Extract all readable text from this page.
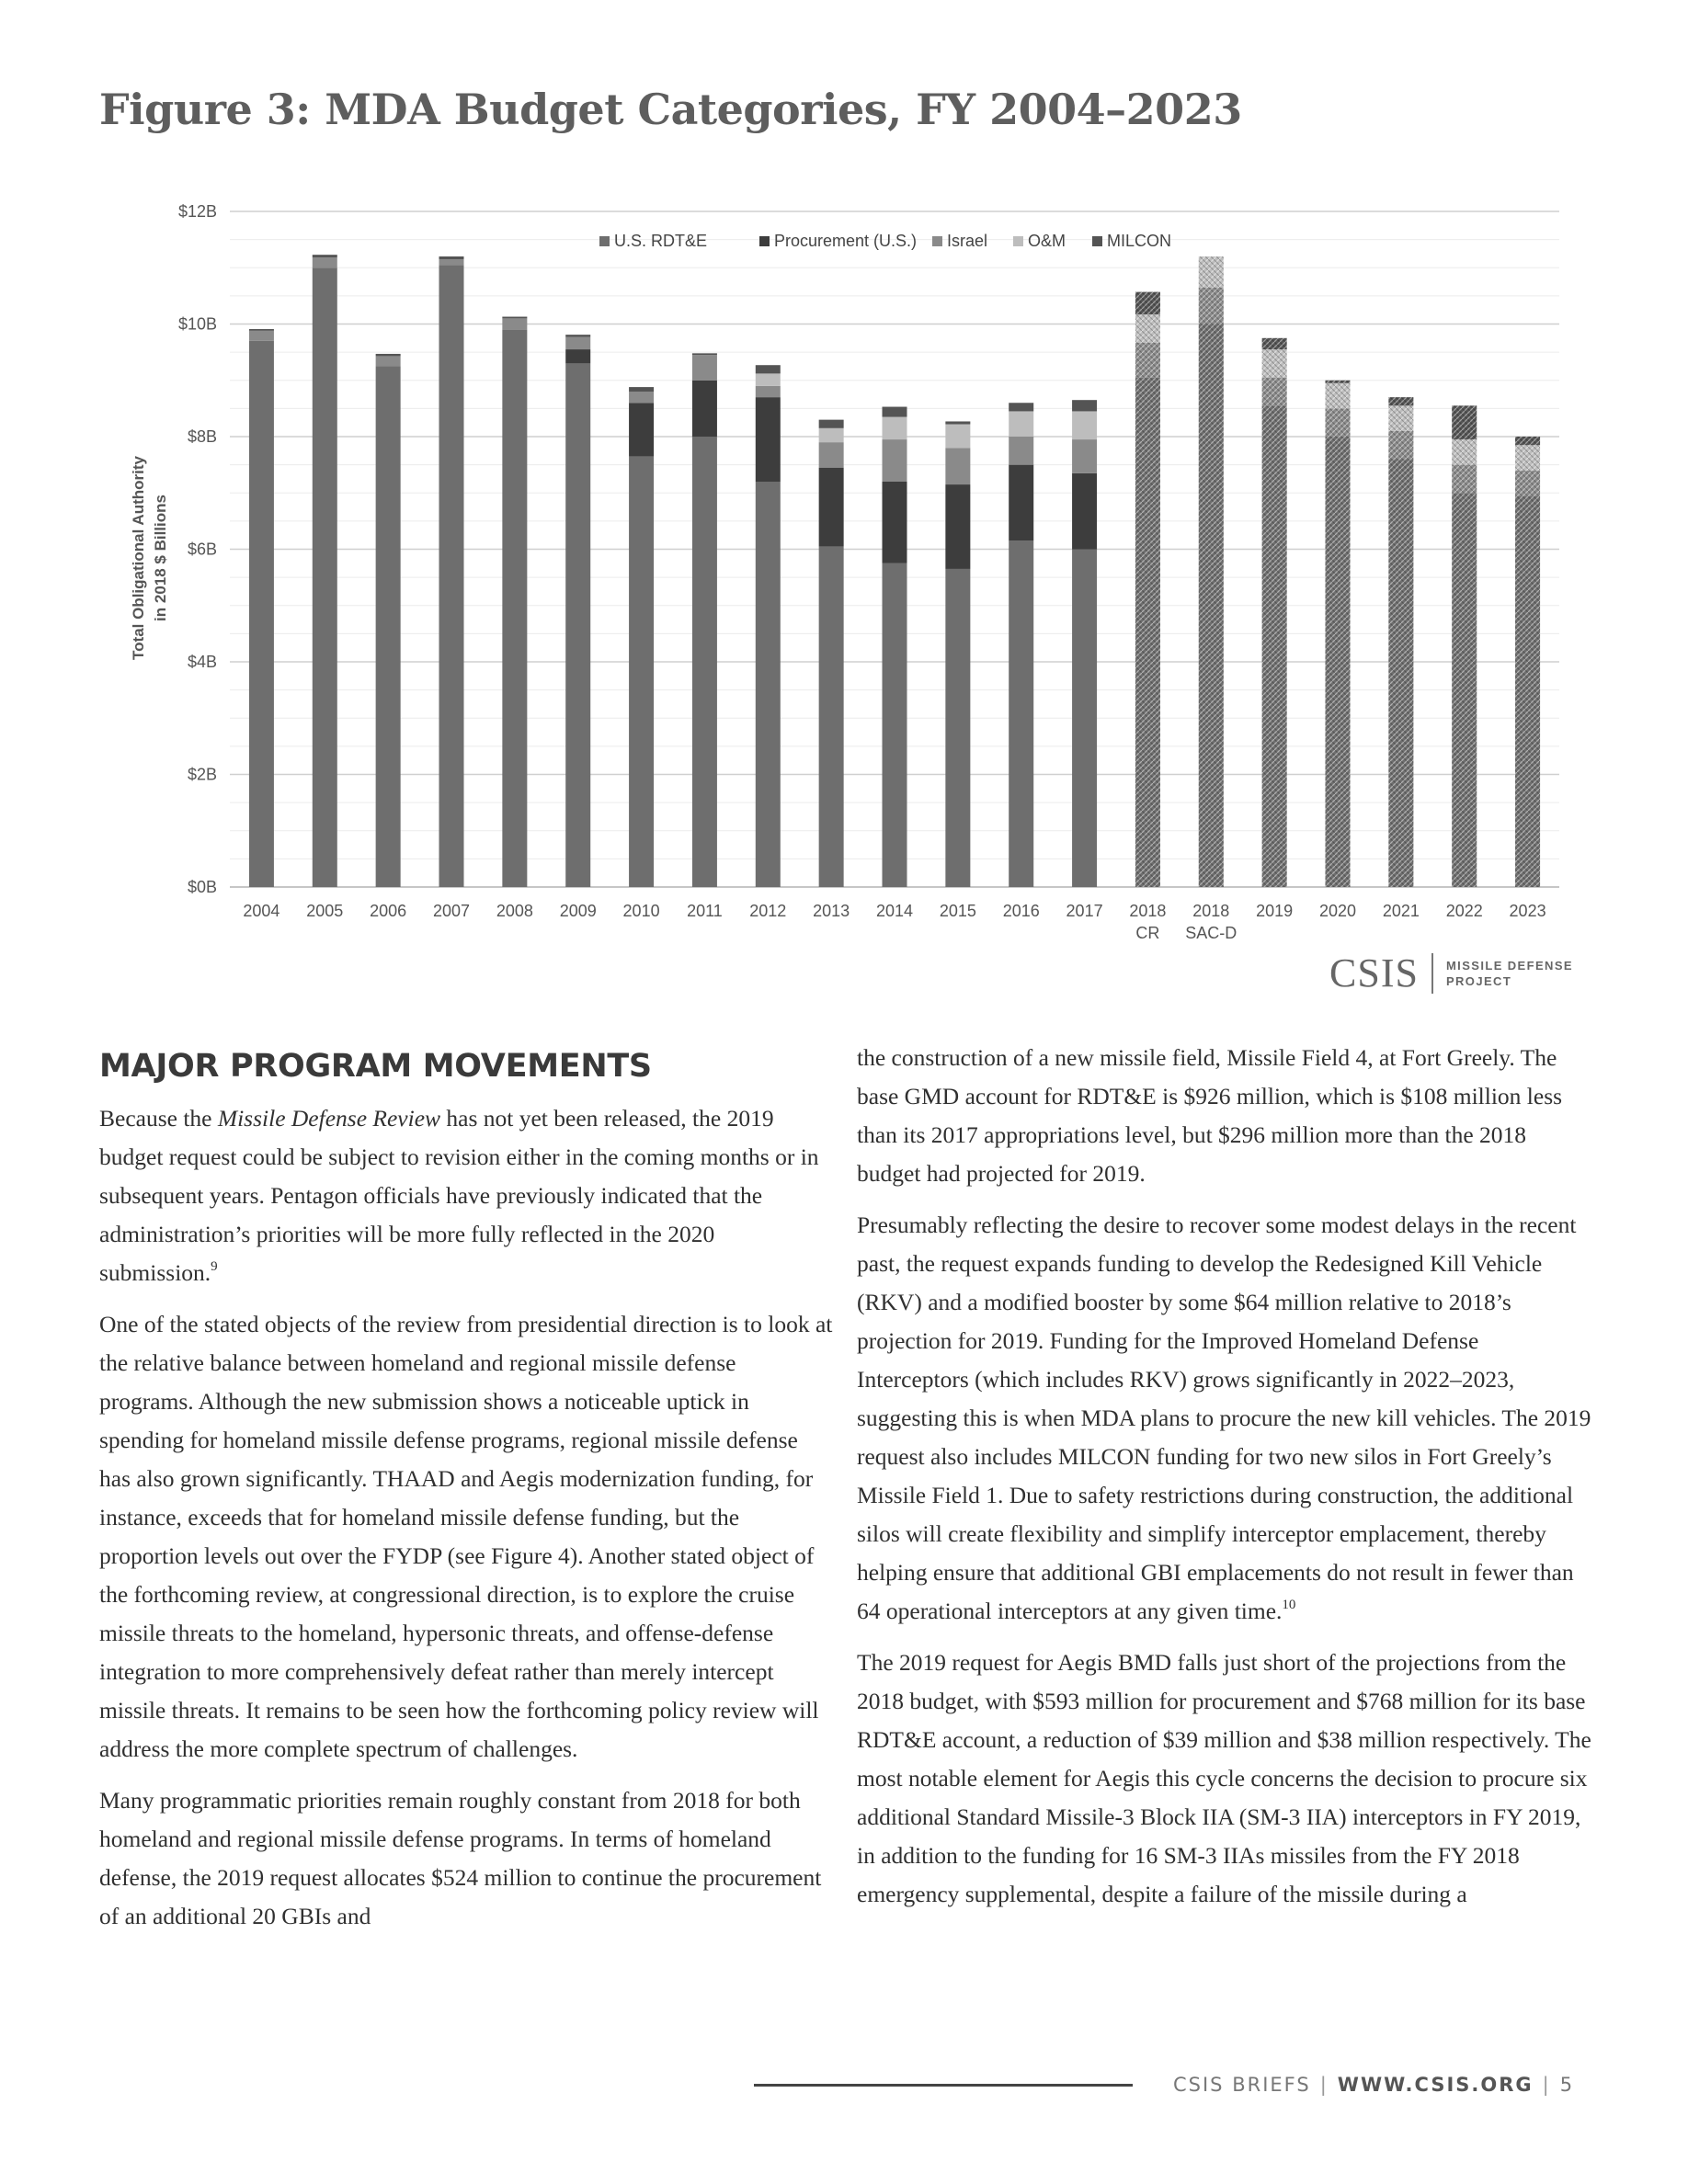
Figure 3: MDA Budget Categories, FY 2004–2023
$0B
$2B
$4B
$6B
$8B
$10B
$12B
2004 2005 2006 2007 2008 2009 2010 2011 2012 2013 2014 2015 2016 2017 2018
CR
2018
SAC-D
2019 2020 2021 2022 2023
U.S. RDT&E	Procurement (U.S.) Israel O&M MILCON
Total Obligational Authority in 2018 $ Billions
CSIS MISSILE DEFENSE
PROJECT
MAJOR PROGRAM MOVEMENTS

Because the Missile Defense Review has not yet been released, the 2019 budget request could be subject to revision either in the coming months or in subsequent years. Pentagon officials have previously indicated that the administration’s priorities will be more fully reflected in the 2020 submission.$^9$

One of the stated objects of the review from presidential direction is to look at the relative balance between homeland and regional missile defense programs. Although the new submission shows a noticeable uptick in spending for homeland missile defense programs, regional missile defense has also grown significantly. THAAD and Aegis modernization funding, for instance, exceeds that for homeland missile defense funding, but the proportion levels out over the FYDP (see Figure 4). Another stated object of the forthcoming review, at congressional direction, is to explore the cruise missile threats to the homeland, hypersonic threats, and offense-defense integration to more comprehensively defeat rather than merely intercept missile threats. It remains to be seen how the forthcoming policy review will address the more complete spectrum of challenges.

Many programmatic priorities remain roughly constant from 2018 for both homeland and regional missile defense programs. In terms of homeland defense, the 2019 request allocates $524 million to continue the procurement of an additional 20 GBIs and

the construction of a new missile field, Missile Field 4, at Fort Greely. The base GMD account for RDT&E is $926 million, which is $108 million less than its 2017 appropriations level, but $296 million more than the 2018 budget had projected for 2019.

Presumably reflecting the desire to recover some modest delays in the recent past, the request expands funding to develop the Redesigned Kill Vehicle (RKV) and a modified booster by some $64 million relative to 2018’s projection for 2019. Funding for the Improved Homeland Defense Interceptors (which includes RKV) grows significantly in 2022–2023, suggesting this is when MDA plans to procure the new kill vehicles. The 2019 request also includes MILCON funding for two new silos in Fort Greely’s Missile Field 1. Due to safety restrictions during construction, the additional silos will create flexibility and simplify interceptor emplacement, thereby helping ensure that additional GBI emplacements do not result in fewer than 64 operational interceptors at any given time.$^{10}$

The 2019 request for Aegis BMD falls just short of the projections from the 2018 budget, with $593 million for procurement and $768 million for its base RDT&E account, a reduction of $39 million and $38 million respectively. The most notable element for Aegis this cycle concerns the decision to procure six additional Standard Missile-3 Block IIA (SM-3 IIA) interceptors in FY 2019, in addition to the funding for 16 SM-3 IIAs missiles from the FY 2018 emergency supplemental, despite a failure of the missile during a

CSIS BRIEFS | WWW.CSIS.ORG | 5
